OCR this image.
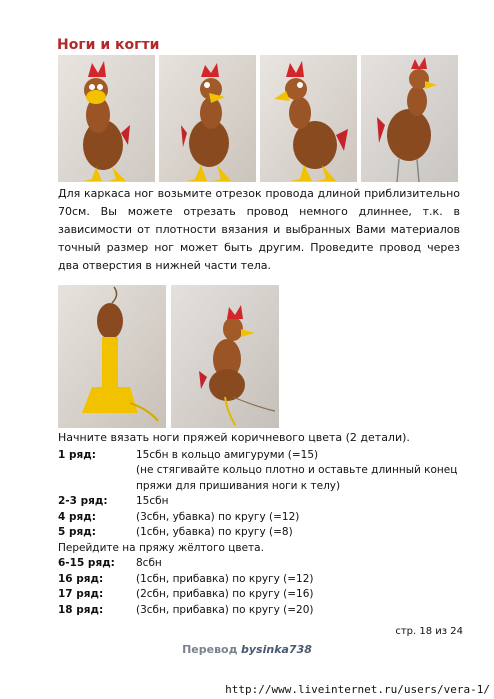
Ноги и когти
Для каркаса ног возьмите отрезок провода длиной приблизительно 70см. Вы можете отрезать провод немного длиннее, т.к. в зависимости от плотности вязания и выбранных Вами материалов точный размер ног может быть другим. Проведите провод через два отверстия в нижней части тела.
Начните вязать ноги пряжей коричневого цвета (2 детали).
1 ряд:	15сбн в кольцо амигуруми (=15)
(не стягивайте кольцо плотно и оставьте длинный конец пряжи для пришивания ноги к телу)
2-3 ряд:	15сбн
4 ряд:	(3сбн, убавка) по кругу (=12)
5 ряд:	(1сбн, убавка) по кругу (=8)
Перейдите на пряжу жёлтого цвета.
6-15 ряд:	8сбн
16 ряд:	(1сбн, прибавка) по кругу (=12)
17 ряд:	(2сбн, прибавка) по кругу (=16)
18 ряд:	(3сбн, прибавка) по кругу (=20)
стр. 18 из 24
Перевод bysinka738
http://www.liveinternet.ru/users/vera-1/
